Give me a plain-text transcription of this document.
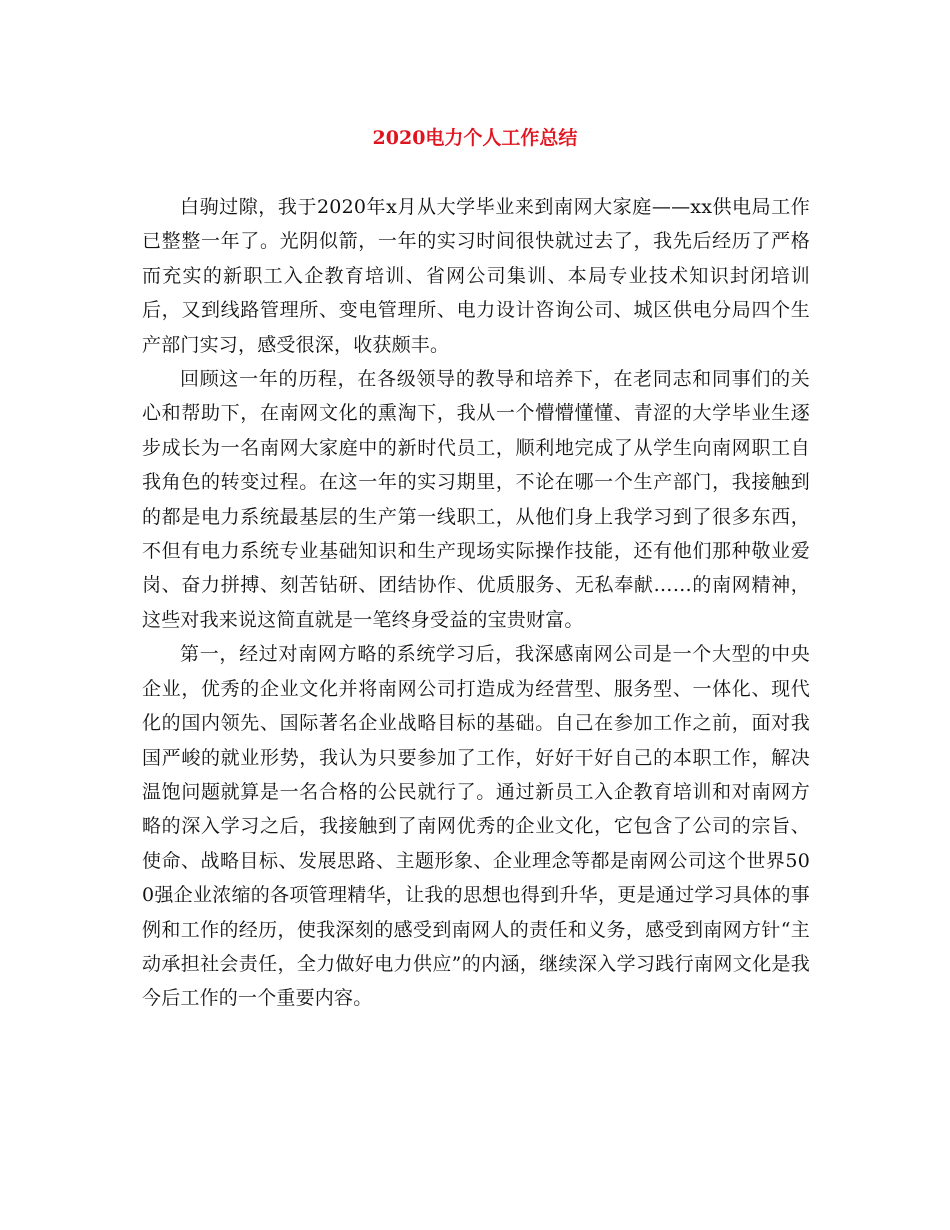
2020电力个人工作总结

白驹过隙，我于2020年x月从大学毕业来到南网大家庭——xx供电局工作已整整一年了。光阴似箭，一年的实习时间很快就过去了，我先后经历了严格而充实的新职工入企教育培训、省网公司集训、本局专业技术知识封闭培训后，又到线路管理所、变电管理所、电力设计咨询公司、城区供电分局四个生产部门实习，感受很深，收获颇丰。

回顾这一年的历程，在各级领导的教导和培养下，在老同志和同事们的关心和帮助下，在南网文化的熏淘下，我从一个懵懵懂懂、青涩的大学毕业生逐步成长为一名南网大家庭中的新时代员工，顺利地完成了从学生向南网职工自我角色的转变过程。在这一年的实习期里，不论在哪一个生产部门，我接触到的都是电力系统最基层的生产第一线职工，从他们身上我学习到了很多东西，不但有电力系统专业基础知识和生产现场实际操作技能，还有他们那种敬业爱岗、奋力拼搏、刻苦钻研、团结协作、优质服务、无私奉献……的南网精神，这些对我来说这简直就是一笔终身受益的宝贵财富。

第一，经过对南网方略的系统学习后，我深感南网公司是一个大型的中央企业，优秀的企业文化并将南网公司打造成为经营型、服务型、一体化、现代化的国内领先、国际著名企业战略目标的基础。自己在参加工作之前，面对我国严峻的就业形势，我认为只要参加了工作，好好干好自己的本职工作，解决温饱问题就算是一名合格的公民就行了。通过新员工入企教育培训和对南网方略的深入学习之后，我接触到了南网优秀的企业文化，它包含了公司的宗旨、使命、战略目标、发展思路、主题形象、企业理念等都是南网公司这个世界500强企业浓缩的各项管理精华，让我的思想也得到升华，更是通过学习具体的事例和工作的经历，使我深刻的感受到南网人的责任和义务，感受到南网方针“主动承担社会责任，全力做好电力供应”的内涵，继续深入学习践行南网文化是我今后工作的一个重要内容。
